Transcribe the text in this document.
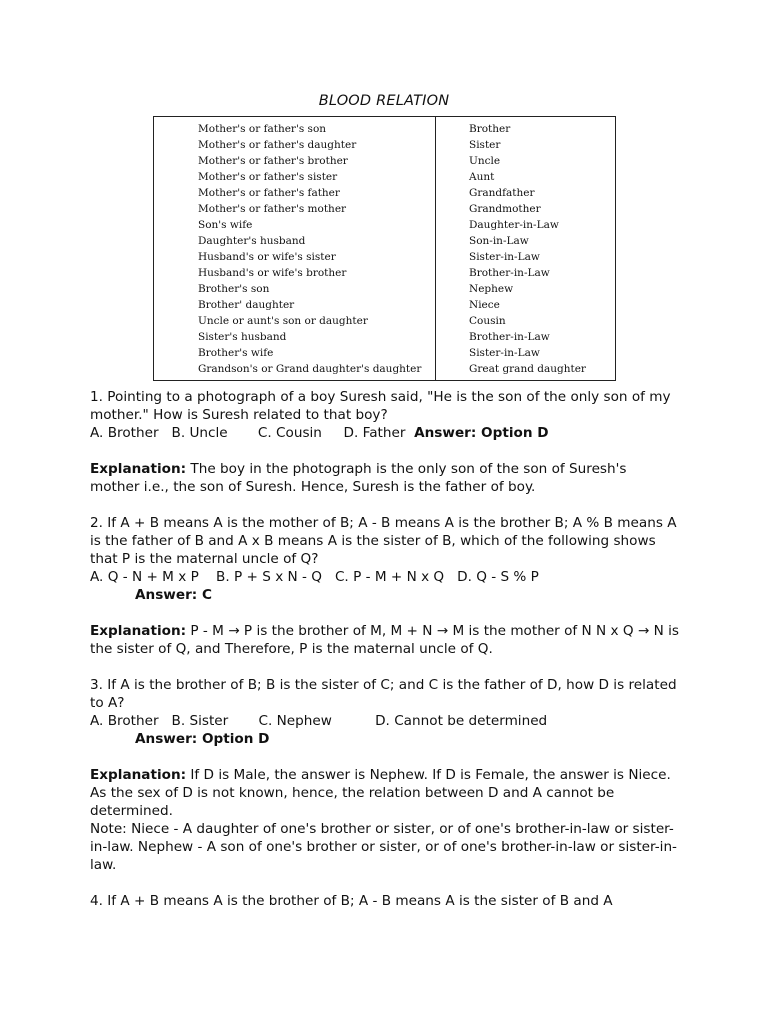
BLOOD RELATION
Mother's or father's son	Brother
Mother's or father's daughter	Sister
Mother's or father's brother	Uncle
Mother's or father's sister	Aunt
Mother's or father's father	Grandfather
Mother's or father's mother	Grandmother
Son's wife	Daughter-in-Law
Daughter's husband	Son-in-Law
Husband's or wife's sister	Sister-in-Law
Husband's or wife's brother	Brother-in-Law
Brother's son	Nephew
Brother' daughter	Niece
Uncle or aunt's son or daughter	Cousin
Sister's husband	Brother-in-Law
Brother's wife	Sister-in-Law
Grandson's or Grand daughter's daughter	Great grand daughter

1. Pointing to a photograph of a boy Suresh said, "He is the son of the only son of my mother." How is Suresh related to that boy?

A. Brother   B. Uncle       C. Cousin     D. Father  Answer: Option D

Explanation: The boy in the photograph is the only son of the son of Suresh's mother i.e., the son of Suresh. Hence, Suresh is the father of boy.

2. If A + B means A is the mother of B; A - B means A is the brother B; A % B means A is the father of B and A x B means A is the sister of B, which of the following shows that P is the maternal uncle of Q?

A. Q - N + M x P    B. P + S x N - Q   C. P - M + N x Q   D. Q - S % P

Answer: C

Explanation: P - M → P is the brother of M, M + N → M is the mother of N N x Q → N is the sister of Q, and Therefore, P is the maternal uncle of Q.

3. If A is the brother of B; B is the sister of C; and C is the father of D, how D is related to A?

A. Brother   B. Sister       C. Nephew          D. Cannot be determined

Answer: Option D

Explanation: If D is Male, the answer is Nephew. If D is Female, the answer is Niece.

As the sex of D is not known, hence, the relation between D and A cannot be determined.

Note: Niece - A daughter of one's brother or sister, or of one's brother-in-law or sister-in-law. Nephew - A son of one's brother or sister, or of one's brother-in-law or sister-in-law.

4. If A + B means A is the brother of B; A - B means A is the sister of B and A
